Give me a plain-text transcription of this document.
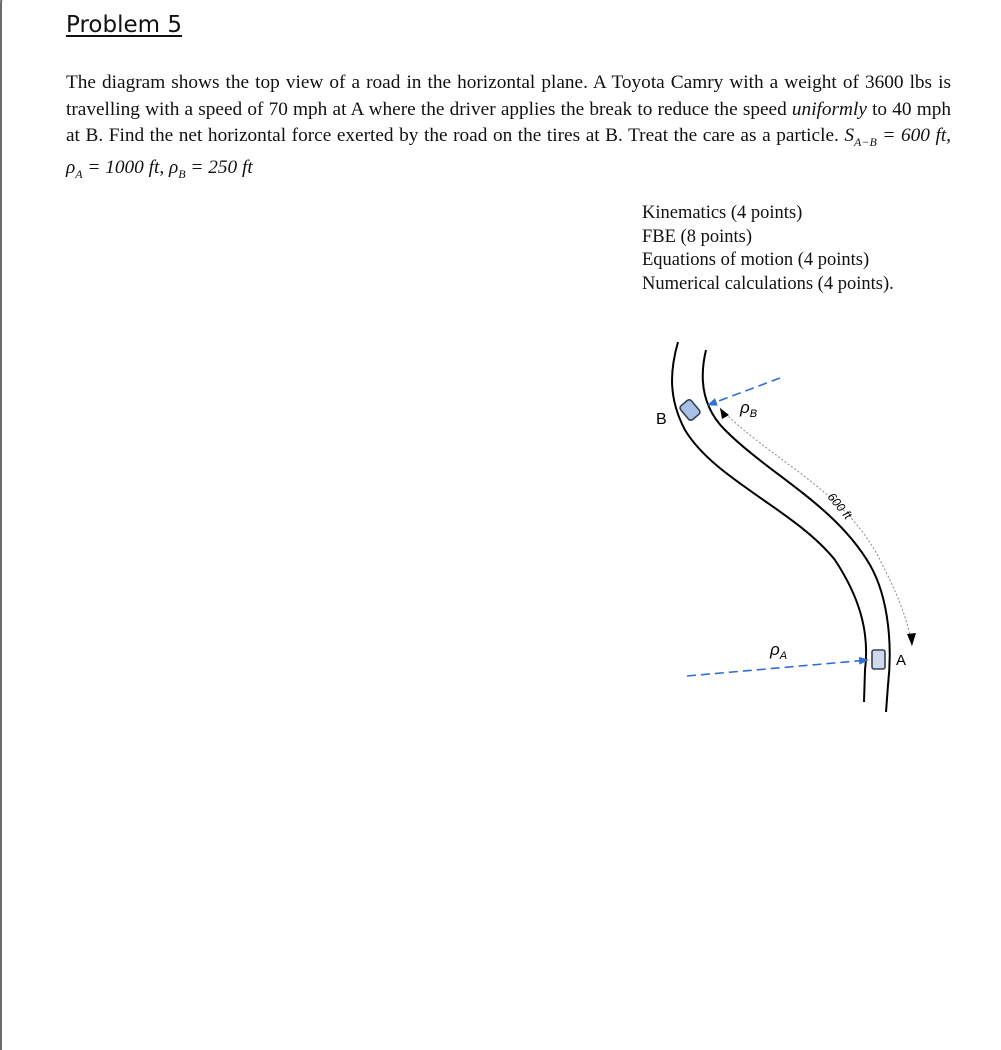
Problem 5

The diagram shows the top view of a road in the horizontal plane. A Toyota Camry with a weight of 3600 lbs is travelling with a speed of 70 mph at A where the driver applies the break to reduce the speed uniformly to 40 mph at B. Find the net horizontal force exerted by the road on the tires at B. Treat the care as a particle. $S_{A-B} = 600$ ft, $\rho_A = 1000$ ft, $\rho_B = 250$ ft

Kinematics (4 points)
FBE (8 points)
Equations of motion (4 points)
Numerical calculations (4 points).
B
A
$\rho_B$
$\rho_A$
600 ft
